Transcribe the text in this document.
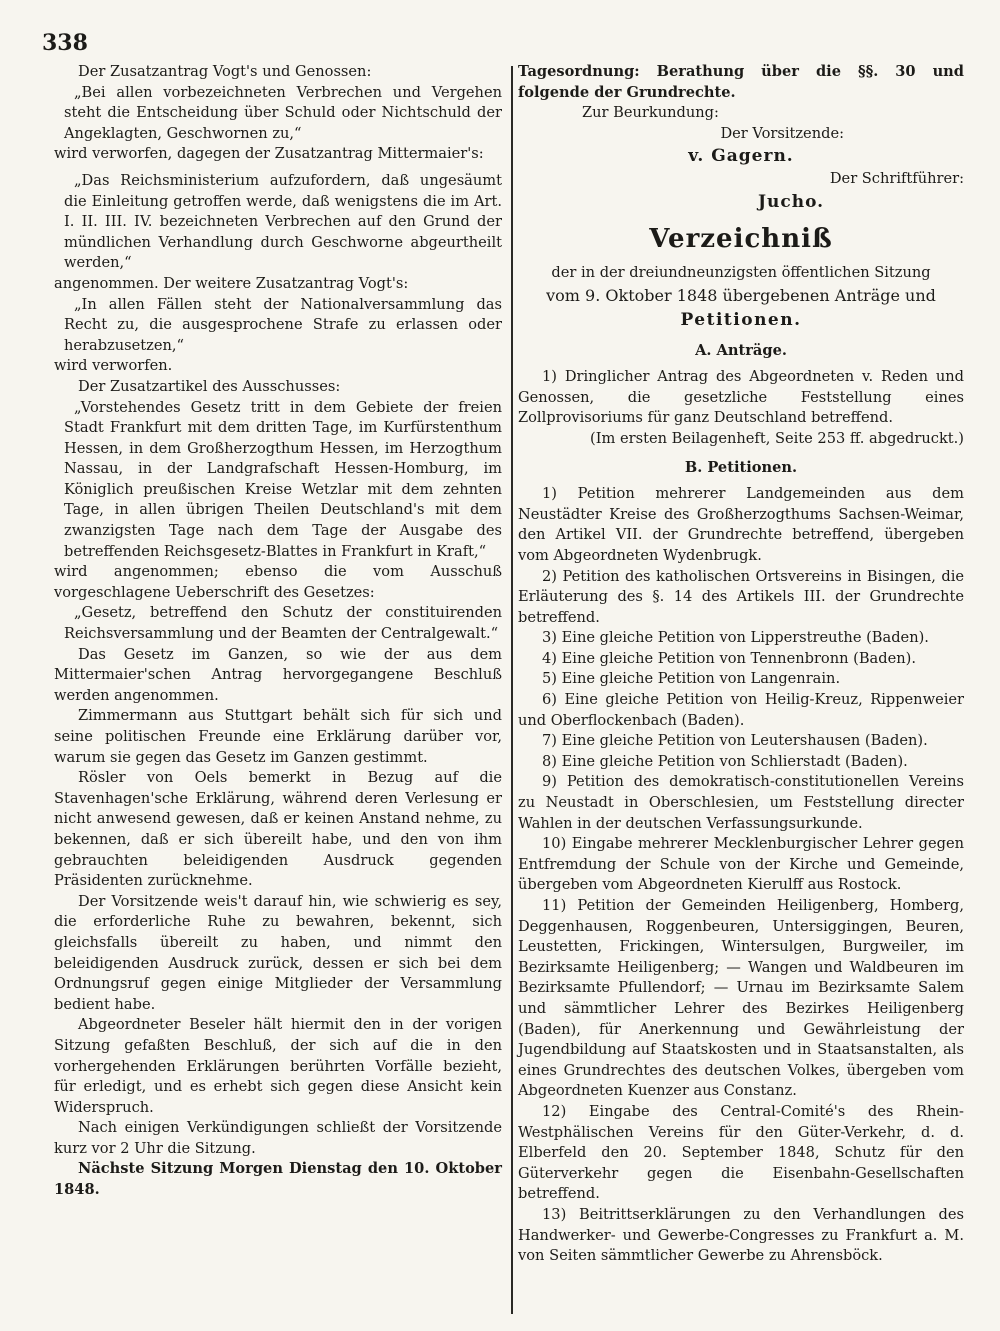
338

Der Zusatzantrag Vogt's und Genossen:

„Bei allen vorbezeichneten Verbrechen und Vergehen steht die Entscheidung über Schuld oder Nichtschuld der Angeklagten, Geschwornen zu,“

wird verworfen, dagegen der Zusatzantrag Mittermaier's:

„Das Reichsministerium aufzufordern, daß ungesäumt die Einleitung getroffen werde, daß wenigstens die im Art. I. II. III. IV. bezeichneten Verbrechen auf den Grund der mündlichen Verhandlung durch Geschworne abgeurtheilt werden,“

angenommen. Der weitere Zusatzantrag Vogt's:

„In allen Fällen steht der Nationalversammlung das Recht zu, die ausgesprochene Strafe zu erlassen oder herabzusetzen,“

wird verworfen.

Der Zusatzartikel des Ausschusses:

„Vorstehendes Gesetz tritt in dem Gebiete der freien Stadt Frankfurt mit dem dritten Tage, im Kurfürstenthum Hessen, in dem Großherzogthum Hessen, im Herzogthum Nassau, in der Landgrafschaft Hessen-Homburg, im Königlich preußischen Kreise Wetzlar mit dem zehnten Tage, in allen übrigen Theilen Deutschland's mit dem zwanzigsten Tage nach dem Tage der Ausgabe des betreffenden Reichsgesetz-Blattes in Frankfurt in Kraft,“

wird angenommen; ebenso die vom Ausschuß vorgeschlagene Ueberschrift des Gesetzes:

„Gesetz, betreffend den Schutz der constituirenden Reichsversammlung und der Beamten der Centralgewalt.“

Das Gesetz im Ganzen, so wie der aus dem Mittermaier'schen Antrag hervorgegangene Beschluß werden angenommen.

Zimmermann aus Stuttgart behält sich für sich und seine politischen Freunde eine Erklärung darüber vor, warum sie gegen das Gesetz im Ganzen gestimmt.

Rösler von Oels bemerkt in Bezug auf die Stavenhagen'sche Erklärung, während deren Verlesung er nicht anwesend gewesen, daß er keinen Anstand nehme, zu bekennen, daß er sich übereilt habe, und den von ihm gebrauchten beleidigenden Ausdruck gegenden Präsidenten zurücknehme.

Der Vorsitzende weis't darauf hin, wie schwierig es sey, die erforderliche Ruhe zu bewahren, bekennt, sich gleichsfalls übereilt zu haben, und nimmt den beleidigenden Ausdruck zurück, dessen er sich bei dem Ordnungsruf gegen einige Mitglieder der Versammlung bedient habe.

Abgeordneter Beseler hält hiermit den in der vorigen Sitzung gefaßten Beschluß, der sich auf die in den vorhergehenden Erklärungen berührten Vorfälle bezieht, für erledigt, und es erhebt sich gegen diese Ansicht kein Widerspruch.

Nach einigen Verkündigungen schließt der Vorsitzende kurz vor 2 Uhr die Sitzung.

Nächste Sitzung Morgen Dienstag den 10. Oktober 1848.

Tagesordnung: Berathung über die §§. 30 und folgende der Grundrechte.

Zur Beurkundung:

Der Vorsitzende:

v. Gagern.

Der Schriftführer:

Jucho.

Verzeichniß

der in der dreiundneunzigsten öffentlichen Sitzung

vom 9. Oktober 1848 übergebenen Anträge und

Petitionen.

A. Anträge.

1) Dringlicher Antrag des Abgeordneten v. Reden und Genossen, die gesetzliche Feststellung eines Zollprovisoriums für ganz Deutschland betreffend.

(Im ersten Beilagenheft, Seite 253 ff. abgedruckt.)

B. Petitionen.

1) Petition mehrerer Landgemeinden aus dem Neustädter Kreise des Großherzogthums Sachsen-Weimar, den Artikel VII. der Grundrechte betreffend, übergeben vom Abgeordneten Wydenbrugk.

2) Petition des katholischen Ortsvereins in Bisingen, die Erläuterung des §. 14 des Artikels III. der Grundrechte betreffend.

3) Eine gleiche Petition von Lipperstreuthe (Baden).

4) Eine gleiche Petition von Tennenbronn (Baden).

5) Eine gleiche Petition von Langenrain.

6) Eine gleiche Petition von Heilig-Kreuz, Rippenweier und Oberflockenbach (Baden).

7) Eine gleiche Petition von Leutershausen (Baden).

8) Eine gleiche Petition von Schlierstadt (Baden).

9) Petition des demokratisch-constitutionellen Vereins zu Neustadt in Oberschlesien, um Feststellung directer Wahlen in der deutschen Verfassungsurkunde.

10) Eingabe mehrerer Mecklenburgischer Lehrer gegen Entfremdung der Schule von der Kirche und Gemeinde, übergeben vom Abgeordneten Kierulff aus Rostock.

11) Petition der Gemeinden Heiligenberg, Homberg, Deggenhausen, Roggenbeuren, Untersiggingen, Beuren, Leustetten, Frickingen, Wintersulgen, Burgweiler, im Bezirksamte Heiligenberg; — Wangen und Waldbeuren im Bezirksamte Pfullendorf; — Urnau im Bezirksamte Salem und sämmtlicher Lehrer des Bezirkes Heiligenberg (Baden), für Anerkennung und Gewährleistung der Jugendbildung auf Staatskosten und in Staatsanstalten, als eines Grundrechtes des deutschen Volkes, übergeben vom Abgeordneten Kuenzer aus Constanz.

12) Eingabe des Central-Comité's des Rhein-Westphälischen Vereins für den Güter-Verkehr, d. d. Elberfeld den 20. September 1848, Schutz für den Güterverkehr gegen die Eisenbahn-Gesellschaften betreffend.

13) Beitrittserklärungen zu den Verhandlungen des Handwerker- und Gewerbe-Congresses zu Frankfurt a. M. von Seiten sämmtlicher Gewerbe zu Ahrensböck.
